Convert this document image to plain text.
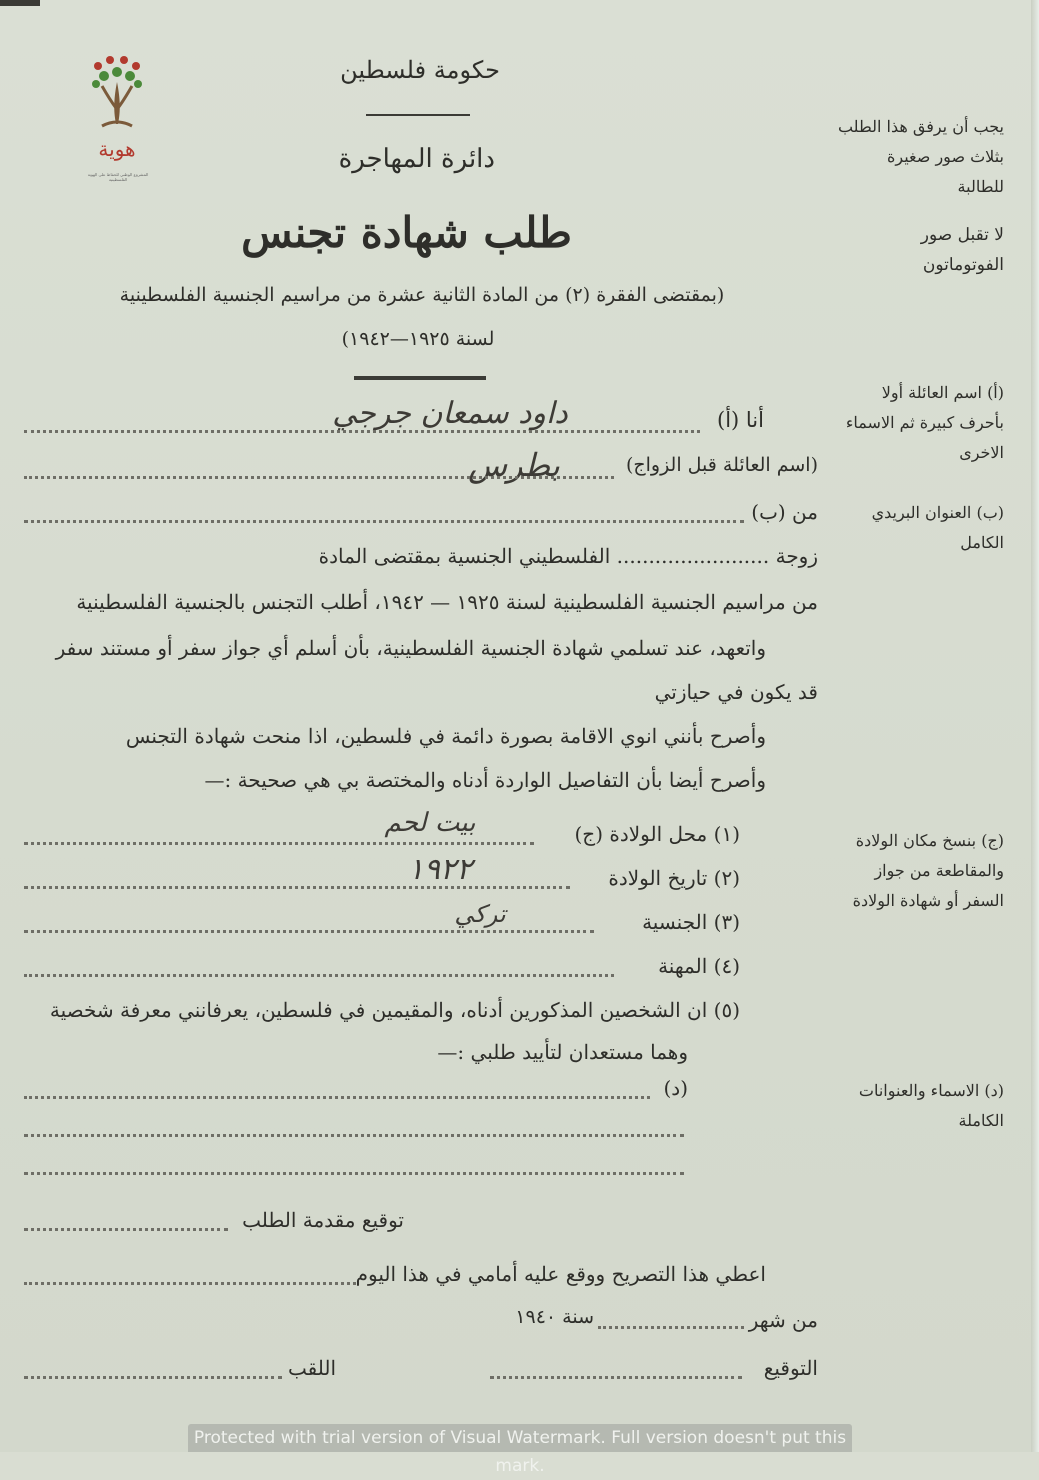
هوية
المشروع الوطني للحفاظ على الهوية الفلسطينية
حكومة فلسطين
دائرة المهاجرة
طلب شهادة تجنس
(بمقتضى الفقرة (٢) من المادة الثانية عشرة من مراسيم الجنسية الفلسطينية
لسنة ١٩٢٥—١٩٤٢)
يجب أن يرفق هذا الطلب بثلاث صور صغيرة للطالبة
لا تقبل صور الفوتوماتون
(أ) اسم العائلة أولا بأحرف كبيرة ثم الاسماء الاخرى
(ب) العنوان البريدي الكامل
(ج) بنسخ مكان الولادة والمقاطعة من جواز السفر أو شهادة الولادة
(د) الاسماء والعنوانات الكاملة
أنا (أ)
داود سمعان جرجي
(اسم العائلة قبل الزواج)
بطرس
من (ب)
زوجة ........................ الفلسطيني الجنسية بمقتضى المادة
من مراسيم الجنسية الفلسطينية لسنة ١٩٢٥ — ١٩٤٢، أطلب التجنس بالجنسية الفلسطينية
واتعهد، عند تسلمي شهادة الجنسية الفلسطينية، بأن أسلم أي جواز سفر أو مستند سفر
قد يكون في حيازتي
وأصرح بأنني انوي الاقامة بصورة دائمة في فلسطين، اذا منحت شهادة التجنس
وأصرح أيضا بأن التفاصيل الواردة أدناه والمختصة بي هي صحيحة :—
(١) محل الولادة (ج)
بيت لحم
(٢) تاريخ الولادة
١٩٢٢
(٣) الجنسية
تركي
(٤) المهنة
(٥) ان الشخصين المذكورين أدناه، والمقيمين في فلسطين، يعرفانني معرفة شخصية
وهما مستعدان لتأييد طلبي :—
(د)
توقيع مقدمة الطلب
اعطي هذا التصريح ووقع عليه أمامي في هذا اليوم
من شهر
سنة ١٩٤٠
التوقيع
اللقب
Protected with trial version of Visual Watermark. Full version doesn't put this mark.
